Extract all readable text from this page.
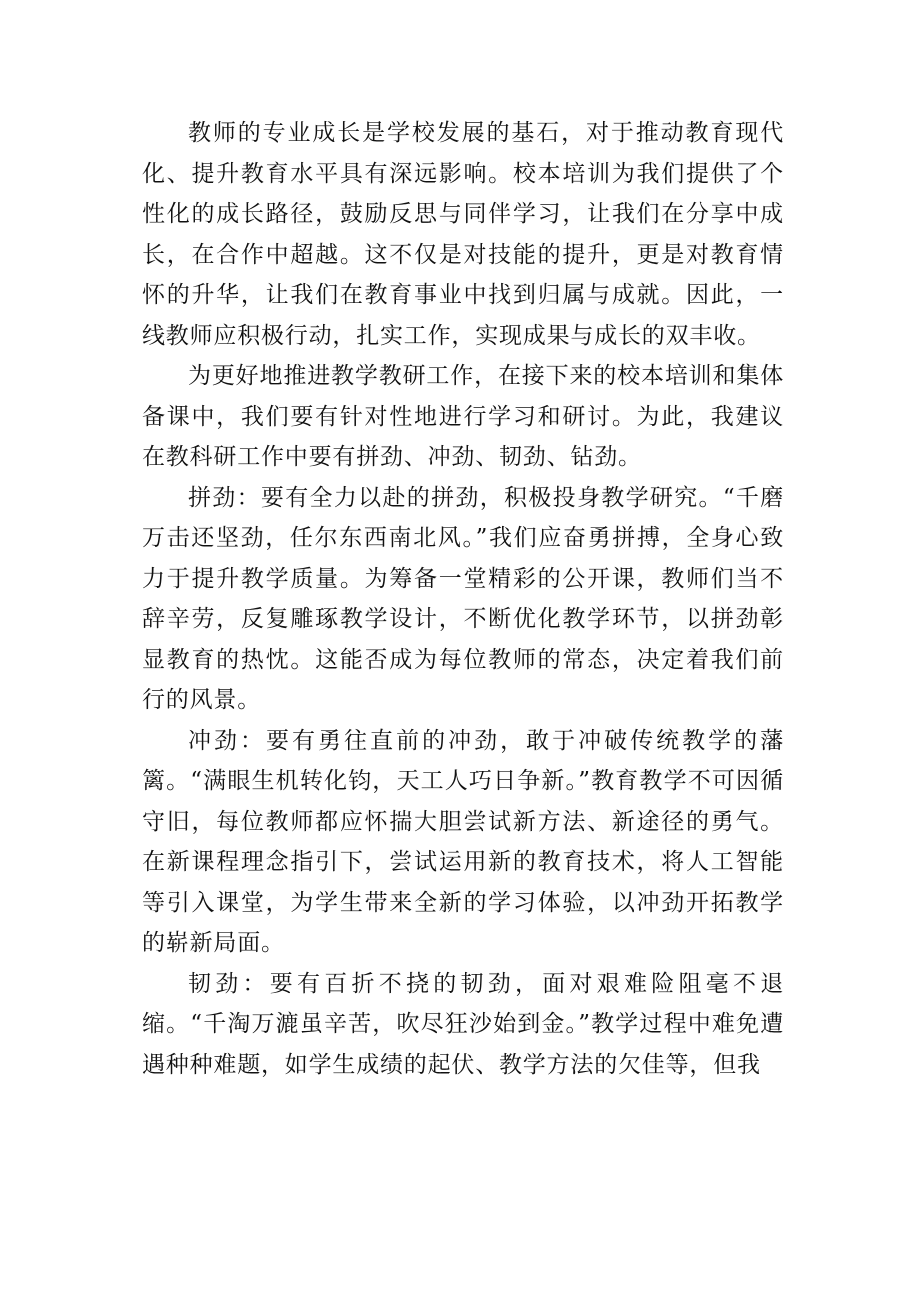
教师的专业成长是学校发展的基石，对于推动教育现代化、提升教育水平具有深远影响。校本培训为我们提供了个性化的成长路径，鼓励反思与同伴学习，让我们在分享中成长，在合作中超越。这不仅是对技能的提升，更是对教育情怀的升华，让我们在教育事业中找到归属与成就。因此，一线教师应积极行动，扎实工作，实现成果与成长的双丰收。

为更好地推进教学教研工作，在接下来的校本培训和集体备课中，我们要有针对性地进行学习和研讨。为此，我建议在教科研工作中要有拼劲、冲劲、韧劲、钻劲。

拼劲：要有全力以赴的拼劲，积极投身教学研究。“千磨万击还坚劲，任尔东西南北风。”我们应奋勇拼搏，全身心致力于提升教学质量。为筹备一堂精彩的公开课，教师们当不辞辛劳，反复雕琢教学设计，不断优化教学环节，以拼劲彰显教育的热忱。这能否成为每位教师的常态，决定着我们前行的风景。

冲劲：要有勇往直前的冲劲，敢于冲破传统教学的藩篱。“满眼生机转化钧，天工人巧日争新。”教育教学不可因循守旧，每位教师都应怀揣大胆尝试新方法、新途径的勇气。在新课程理念指引下，尝试运用新的教育技术，将人工智能等引入课堂，为学生带来全新的学习体验，以冲劲开拓教学的崭新局面。

韧劲：要有百折不挠的韧劲，面对艰难险阻毫不退缩。“千淘万漉虽辛苦，吹尽狂沙始到金。”教学过程中难免遭遇种种难题，如学生成绩的起伏、教学方法的欠佳等，但我
